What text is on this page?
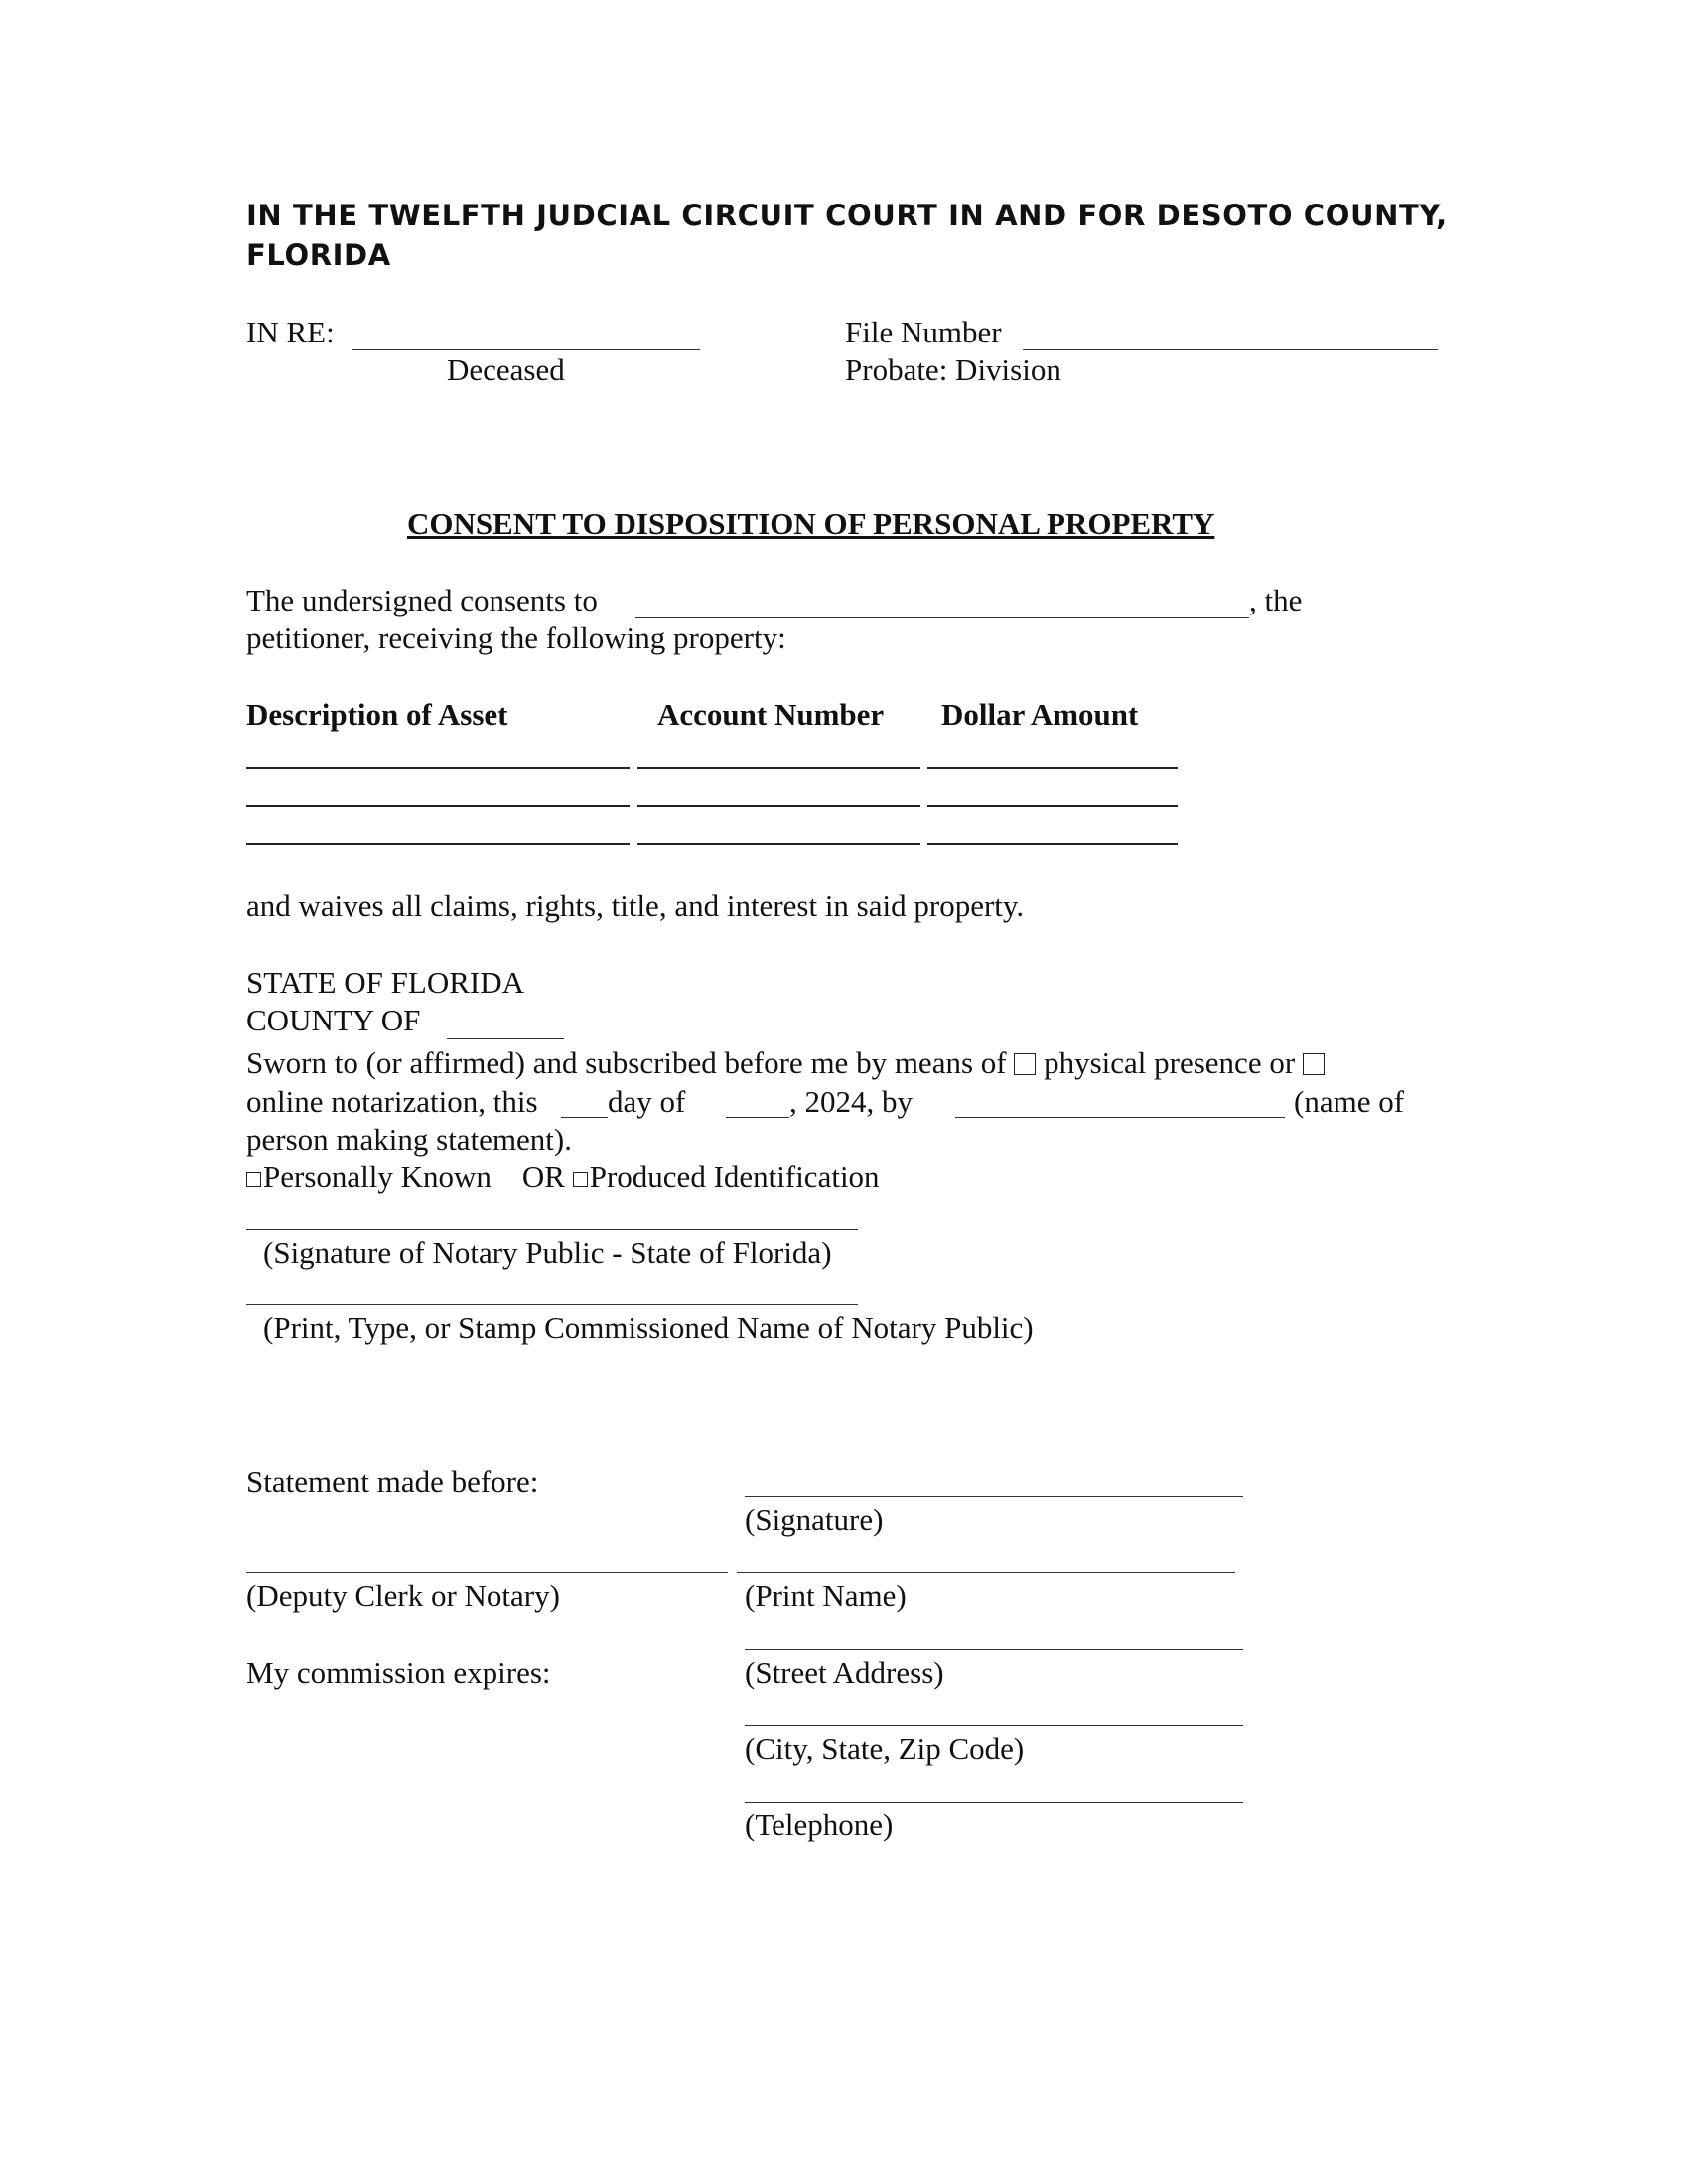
IN THE TWELFTH JUDCIAL CIRCUIT COURT IN AND FOR DESOTO COUNTY,
FLORIDA
IN RE:
Deceased
File Number
Probate: Division
CONSENT TO DISPOSITION OF PERSONAL PROPERTY
The undersigned consents to	, the
petitioner, receiving the following property:
Description of Asset	Account Number Dollar Amount
and waives all claims, rights, title, and interest in said property.
STATE OF FLORIDA
COUNTY OF
Sworn to (or affirmed) and subscribed before me by means of physical presence or
online notarization, this day of	, 2024, by	(name of
person making statement).
Personally Known OR Produced Identification
(Signature of Notary Public - State of Florida)
(Print, Type, or Stamp Commissioned Name of Notary Public)
Statement made before:
(Signature)
(Deputy Clerk or Notary)	(Print Name)
My commission expires:	(Street Address)
(City, State, Zip Code)
(Telephone)
